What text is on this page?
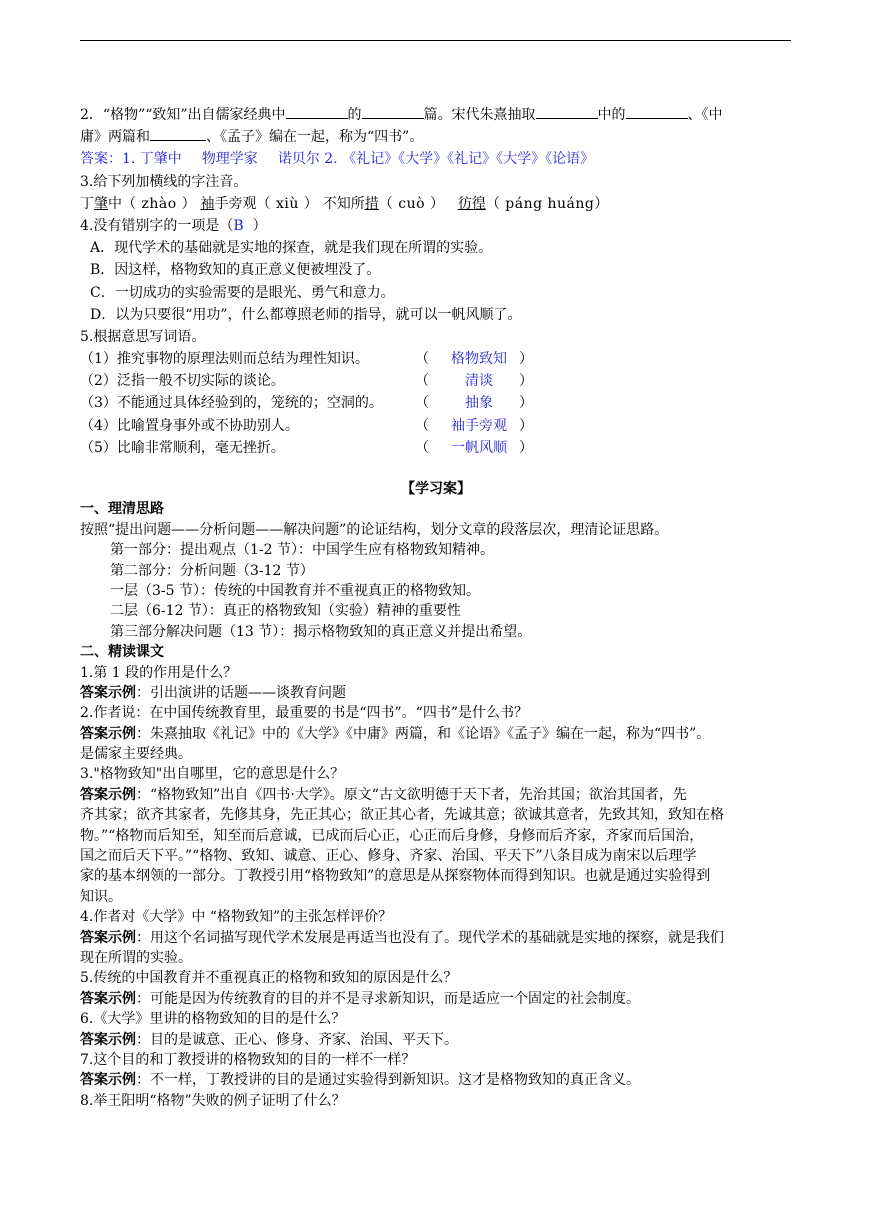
2．“格物”“致知”出自儒家经典中	的	篇。宋代朱熹抽取	中的	、《中
庸》两篇和	、《孟子》编在一起，称为“四书”。
答案：1. 丁肇中 物理学家 诺贝尔 2. 《礼记》《大学》《礼记》《大学》《论语》
3.给下列加横线的字注音。
丁肇中（ zhào ） 袖手旁观（ xiù ） 不知所措（ cuò ） 彷徨（ páng huáng）
4.没有错别字的一项是（B ）
A．现代学术的基础就是实地的探查，就是我们现在所谓的实验。
B．因这样，格物致知的真正意义便被埋没了。
C．一切成功的实验需要的是眼光、勇气和意力。
D．以为只要很“用功”，什么都尊照老师的指导，就可以一帆风顺了。
5.根据意思写词语。
（1）推究事物的原理法则而总结为理性知识。	（	格物致知 ）
（2）泛指一般不切实际的谈论。	（	清谈	）
（3）不能通过具体经验到的，笼统的；空洞的。	（	抽象	）
（4）比喻置身事外或不协助别人。	（	袖手旁观 ）
（5）比喻非常顺利，毫无挫折。	（	一帆风顺 ）
【学习案】
一、理清思路
按照“提出问题——分析问题——解决问题”的论证结构，划分文章的段落层次，理清论证思路。
第一部分：提出观点（1-2 节）：中国学生应有格物致知精神。
第二部分：分析问题（3-12 节）
一层（3-5 节）：传统的中国教育并不重视真正的格物致知。
二层（6-12 节）：真正的格物致知（实验）精神的重要性
第三部分解决问题（13 节）：揭示格物致知的真正意义并提出希望。
二、精读课文
1.第 1 段的作用是什么？
答案示例：引出演讲的话题——谈教育问题
2.作者说：在中国传统教育里，最重要的书是“四书”。“四书”是什么书？
答案示例：朱熹抽取《礼记》中的《大学》《中庸》两篇，和《论语》《孟子》编在一起，称为“四书”。
是儒家主要经典。
3."格物致知"出自哪里，它的意思是什么？
答案示例：“格物致知”出自《四书·大学》。原文“古文欲明德于天下者，先治其国；欲治其国者，先
齐其家；欲齐其家者，先修其身，先正其心；欲正其心者，先诚其意；欲诚其意者，先致其知，致知在格
物。”“格物而后知至，知至而后意诚，已成而后心正，心正而后身修，身修而后齐家，齐家而后国治，
国之而后天下平。”“格物、致知、诚意、正心、修身、齐家、治国、平天下”八条目成为南宋以后理学
家的基本纲领的一部分。丁教授引用“格物致知”的意思是从探察物体而得到知识。也就是通过实验得到
知识。
4.作者对《大学》中 “格物致知”的主张怎样评价？
答案示例：用这个名词描写现代学术发展是再适当也没有了。现代学术的基础就是实地的探察，就是我们
现在所谓的实验。
5.传统的中国教育并不重视真正的格物和致知的原因是什么？
答案示例：可能是因为传统教育的目的并不是寻求新知识，而是适应一个固定的社会制度。
6.《大学》里讲的格物致知的目的是什么？
答案示例：目的是诚意、正心、修身、齐家、治国、平天下。
7.这个目的和丁教授讲的格物致知的目的一样不一样？
答案示例：不一样，丁教授讲的目的是通过实验得到新知识。这才是格物致知的真正含义。
8.举王阳明“格物”失败的例子证明了什么？
